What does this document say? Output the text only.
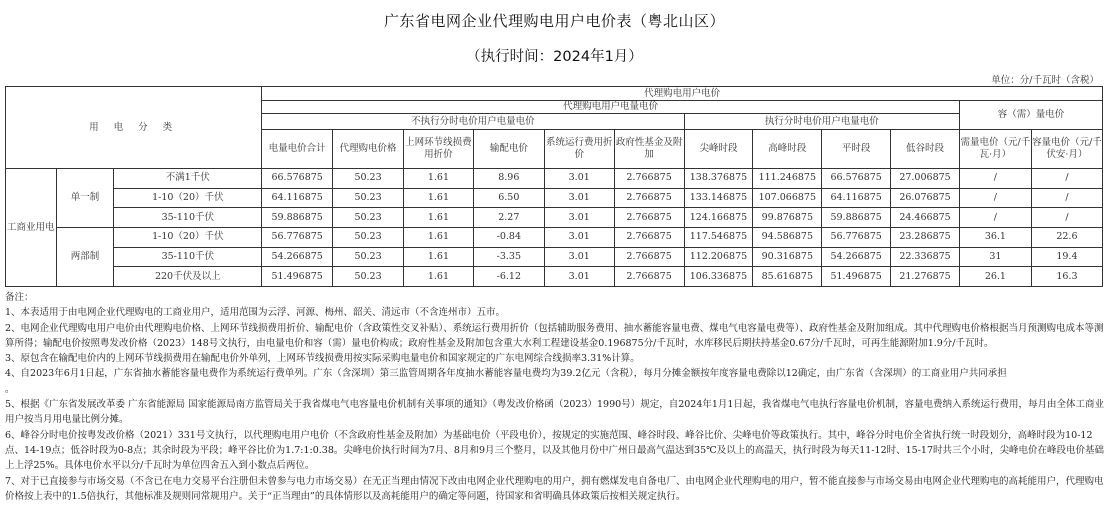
广东省电网企业代理购电用户电价表（粤北山区）
（执行时间：2024年1月）
单位：分/千瓦时（含税）
用 电 分 类			代理购电用户电价											
			代理购电用户电量电价										容（需）量电价	
			不执行分时电价用户电量电价						执行分时电价用户电量电价					
			电量电价合计	代理购电价格	上网环节线损费用折价	输配电价	系统运行费用折价	政府性基金及附加	尖峰时段	高峰时段	平时段	低谷时段	需量电价（元/千瓦·月）	容量电价（元/千伏安·月）
工商业用电	单一制	不满1千伏	66.576875	50.23	1.61	8.96	3.01	2.766875	138.376875	111.246875	66.576875	27.006875	/	/
		1-10（20）千伏	64.116875	50.23	1.61	6.50	3.01	2.766875	133.146875	107.066875	64.116875	26.076875	/	/
		35-110千伏	59.886875	50.23	1.61	2.27	3.01	2.766875	124.166875	99.876875	59.886875	24.466875	/	/
	两部制	1-10（20）千伏	56.776875	50.23	1.61	-0.84	3.01	2.766875	117.546875	94.586875	56.776875	23.286875	36.1	22.6
		35-110千伏	54.266875	50.23	1.61	-3.35	3.01	2.766875	112.206875	90.316875	54.266875	22.336875	31	19.4
		220千伏及以上	51.496875	50.23	1.61	-6.12	3.01	2.766875	106.336875	85.616875	51.496875	21.276875	26.1	16.3

备注：

1、本表适用于由电网企业代理购电的工商业用户，适用范围为云浮、河源、梅州、韶关、清远市（不含连州市）五市。

2、电网企业代理购电用户电价由代理购电价格、上网环节线损费用折价、输配电价（含政策性交叉补贴）、系统运行费用折价（包括辅助服务费用、抽水蓄能容量电费、煤电气电容量电费等）、政府性基金及附加组成。其中代理购电价格根据当月预测购电成本等测算所得；输配电价按照粤发改价格（2023）148号文执行，由电量电价和容（需）量电价构成；政府性基金及附加包含重大水利工程建设基金0.196875分/千瓦时，水库移民后期扶持基金0.67分/千瓦时，可再生能源附加1.9分/千瓦时。

3、原包含在输配电价内的上网环节线损费用在输配电价外单列，上网环节线损费用按实际采购电量电价和国家规定的广东电网综合线损率3.31%计算。

4、自2023年6月1日起，广东省抽水蓄能容量电费作为系统运行费单列。广东（含深圳）第三监管周期各年度抽水蓄能容量电费均为39.2亿元（含税），每月分摊金额按年度容量电费除以12确定，由广东省（含深圳）的工商业用户共同承担

。

5、根据《广东省发展改革委 广东省能源局 国家能源局南方监管局关于我省煤电气电容量电价机制有关事项的通知》（粤发改价格函（2023）1990号）规定，自2024年1月1日起，我省煤电气电执行容量电价机制，容量电费纳入系统运行费用，每月由全体工商业用户按当月用电量比例分摊。

6、峰谷分时电价按粤发改价格（2021）331号文执行，以代理购电用户电价（不含政府性基金及附加）为基础电价（平段电价），按规定的实施范围、峰谷时段、峰谷比价、尖峰电价等政策执行。其中，峰谷分时电价全省执行统一时段划分，高峰时段为10-12点、14-19点；低谷时段为0-8点；其余时段为平段；峰平谷比价为1.7:1:0.38。尖峰电价执行时间为7月、8月和9月三个整月，以及其他月份中广州日最高气温达到35℃及以上的高温天，执行时段为每天11-12时、15-17时共三个小时，尖峰电价在峰段电价基础上上浮25%。具体电价水平以分/千瓦时为单位四舍五入到小数点后两位。

7、对于已直接参与市场交易（不含已在电力交易平台注册但未曾参与电力市场交易）在无正当理由情况下改由电网企业代理购电的用户，拥有燃煤发电自备电厂、由电网企业代理购电的用户，暂不能直接参与市场交易由电网企业代理购电的高耗能用户，代理购电价格按上表中的1.5倍执行，其他标准及规则同常规用户。关于“正当理由”的具体情形以及高耗能用户的确定等问题，待国家和省明确具体政策后按相关规定执行。
